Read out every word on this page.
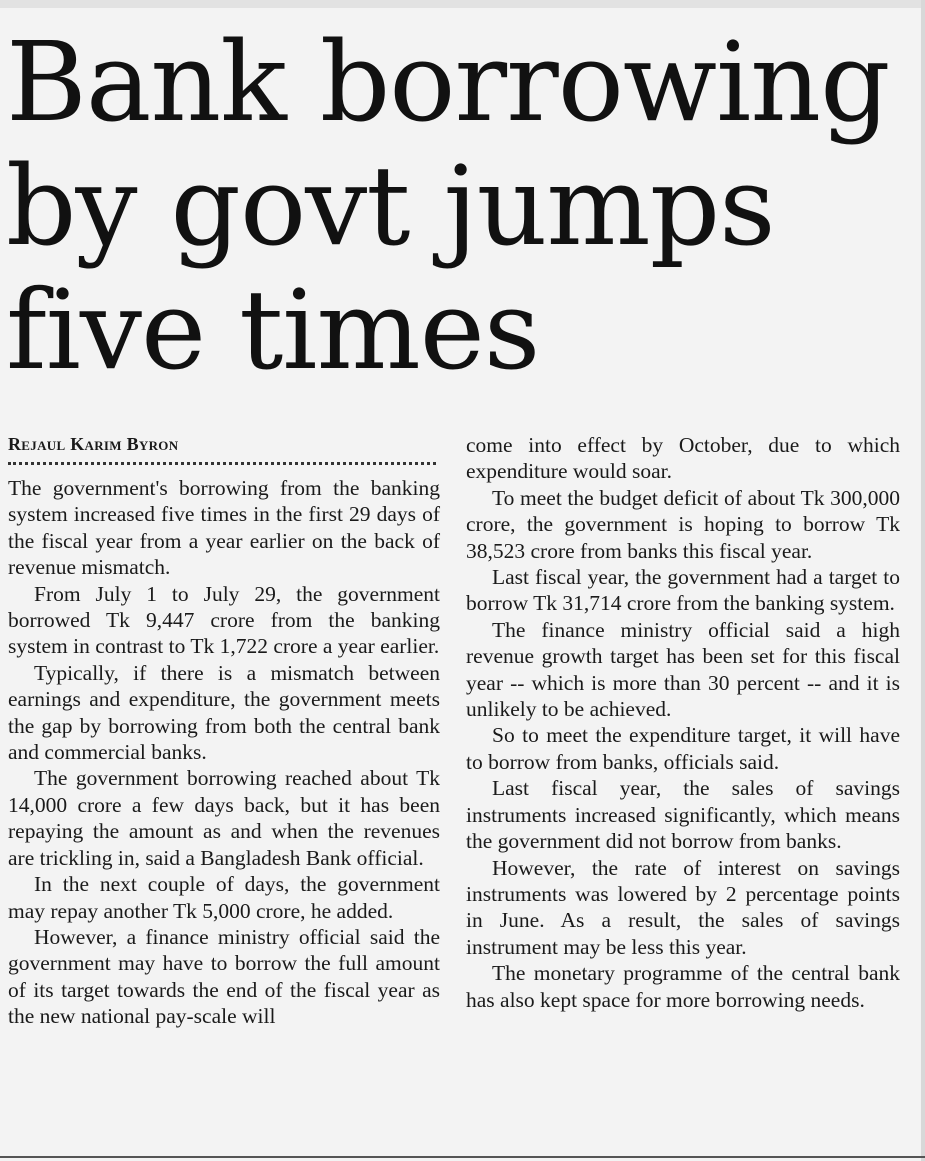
Bank borrowing by govt jumps five times
Rejaul Karim Byron

The government's borrowing from the banking system increased five times in the first 29 days of the fiscal year from a year earlier on the back of revenue mismatch.

From July 1 to July 29, the government borrowed Tk 9,447 crore from the banking system in contrast to Tk 1,722 crore a year earlier.

Typically, if there is a mismatch between earnings and expenditure, the government meets the gap by borrowing from both the central bank and commercial banks.

The government borrowing reached about Tk 14,000 crore a few days back, but it has been repaying the amount as and when the revenues are trickling in, said a Bangladesh Bank official.

In the next couple of days, the government may repay another Tk 5,000 crore, he added.

However, a finance ministry official said the government may have to borrow the full amount of its target towards the end of the fiscal year as the new national pay-scale will

come into effect by October, due to which expenditure would soar.

To meet the budget deficit of about Tk 300,000 crore, the government is hoping to borrow Tk 38,523 crore from banks this fiscal year.

Last fiscal year, the government had a target to borrow Tk 31,714 crore from the banking system.

The finance ministry official said a high revenue growth target has been set for this fiscal year -- which is more than 30 percent -- and it is unlikely to be achieved.

So to meet the expenditure target, it will have to borrow from banks, officials said.

Last fiscal year, the sales of savings instruments increased significantly, which means the government did not borrow from banks.

However, the rate of interest on savings instruments was lowered by 2 percentage points in June. As a result, the sales of savings instrument may be less this year.

The monetary programme of the central bank has also kept space for more borrowing needs.
